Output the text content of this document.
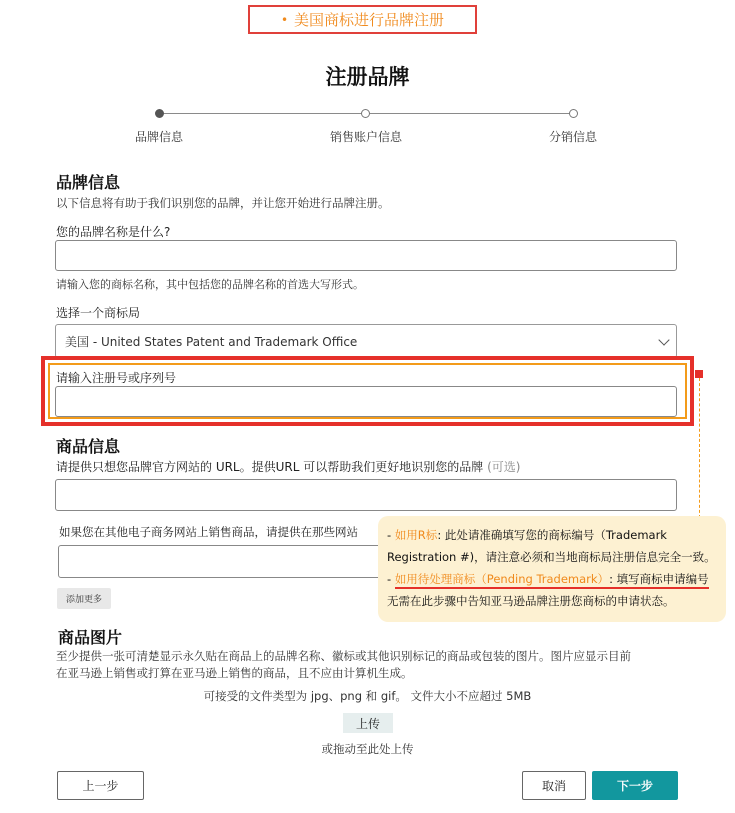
• 美国商标进行品牌注册
注册品牌
品牌信息	销售账户信息	分销信息
品牌信息
以下信息将有助于我们识别您的品牌，并让您开始进行品牌注册。
您的品牌名称是什么?
请输入您的商标名称，其中包括您的品牌名称的首选大写形式。
选择一个商标局
美国 - United States Patent and Trademark Office
请输入注册号或序列号
商品信息
请提供只想您品牌官方网站的 URL。提供URL 可以帮助我们更好地识别您的品牌 (可选)
如果您在其他电子商务网站上销售商品，请提供在那些网站
添加更多
- 如用R标: 此处请准确填写您的商标编号（Trademark
Registration #)，请注意必须和当地商标局注册信息完全一致。
- 如用待处理商标（Pending Trademark）: 填写商标申请编号
无需在此步骤中告知亚马逊品牌注册您商标的申请状态。
商品图片
至少提供一张可清楚显示永久贴在商品上的品牌名称、徽标或其他识别标记的商品或包装的图片。图片应显示目前
在亚马逊上销售或打算在亚马逊上销售的商品，且不应由计算机生成。
可接受的文件类型为 jpg、png 和 gif。 文件大小不应超过 5MB
上传
或拖动至此处上传
上一步	取消	下一步
